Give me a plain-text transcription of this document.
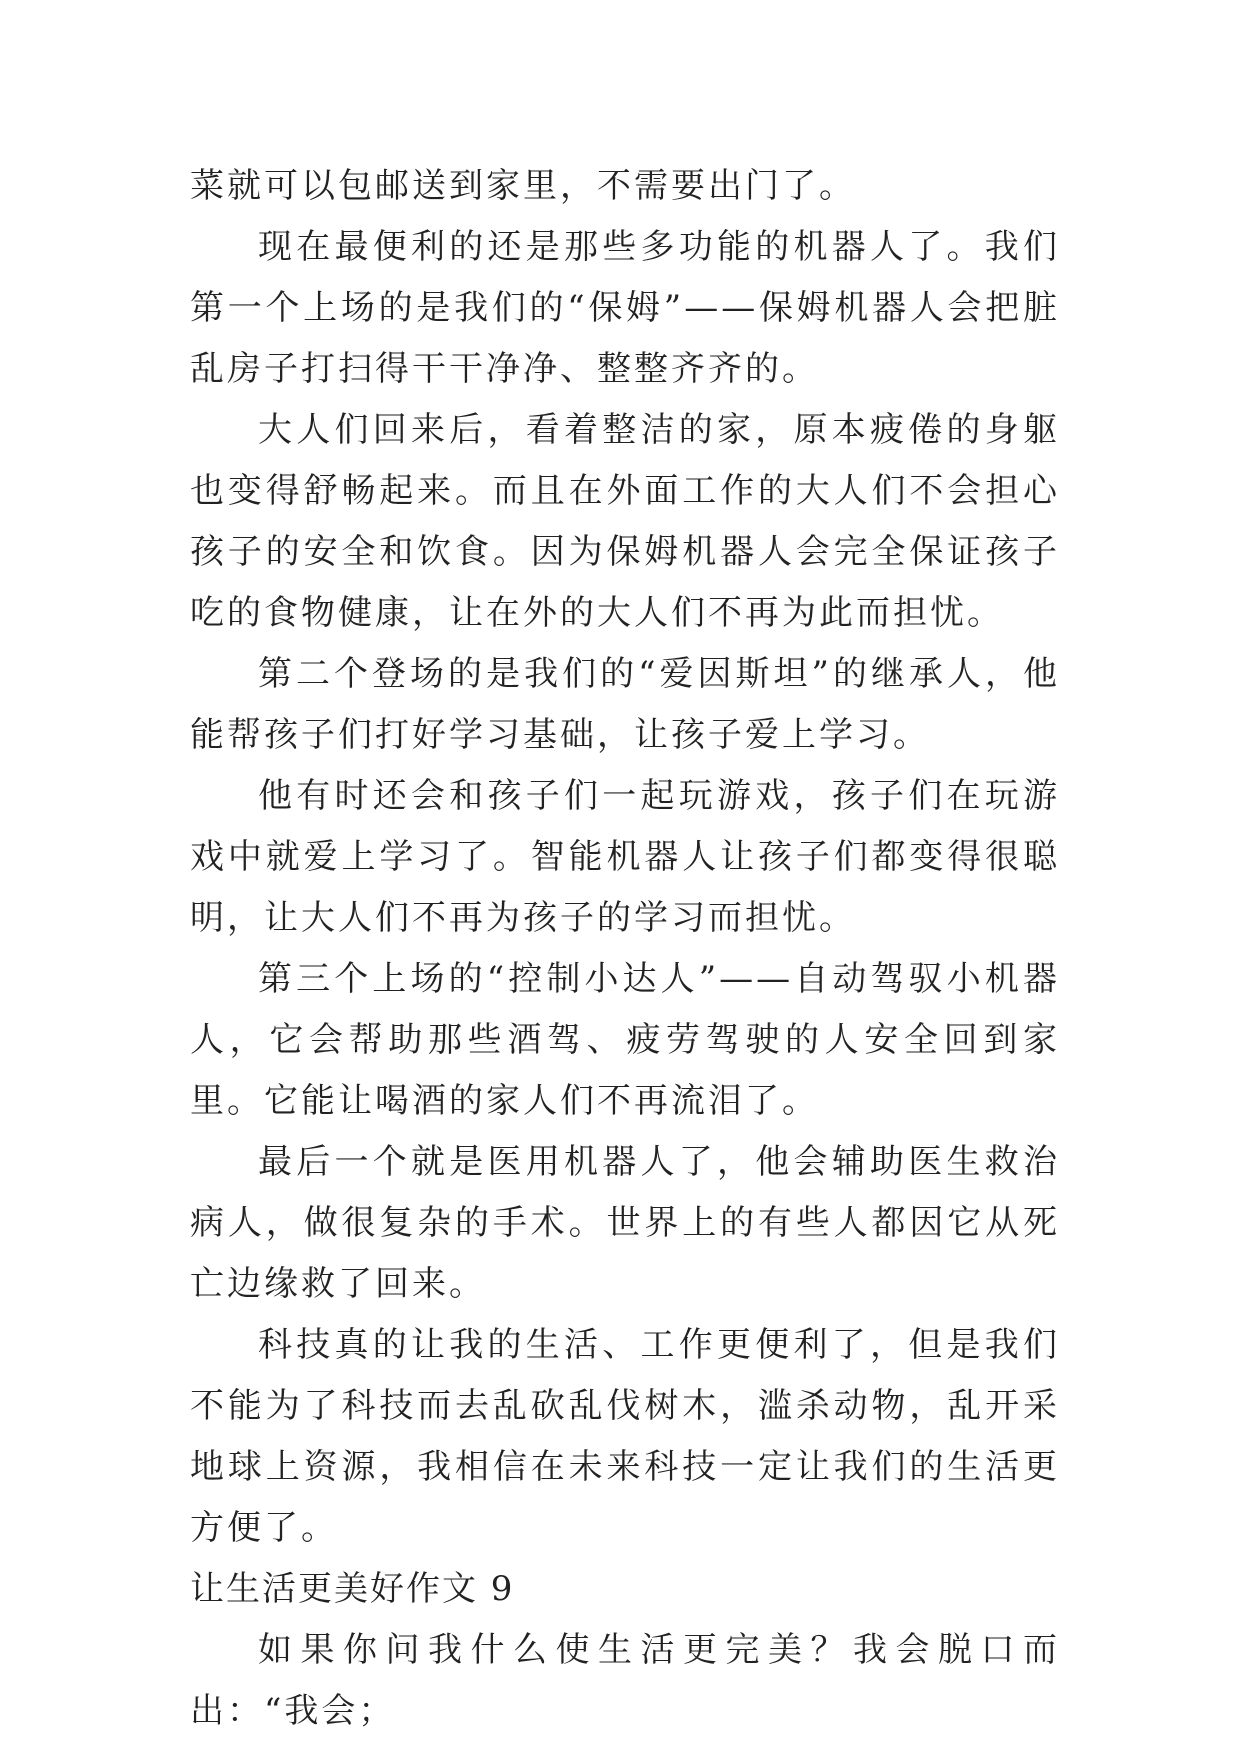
菜就可以包邮送到家里，不需要出门了。

现在最便利的还是那些多功能的机器人了。我们第一个上场的是我们的“保姆”——保姆机器人会把脏乱房子打扫得干干净净、整整齐齐的。

大人们回来后，看着整洁的家，原本疲倦的身躯也变得舒畅起来。而且在外面工作的大人们不会担心孩子的安全和饮食。因为保姆机器人会完全保证孩子吃的食物健康，让在外的大人们不再为此而担忧。

第二个登场的是我们的“爱因斯坦”的继承人，他能帮孩子们打好学习基础，让孩子爱上学习。

他有时还会和孩子们一起玩游戏，孩子们在玩游戏中就爱上学习了。智能机器人让孩子们都变得很聪明，让大人们不再为孩子的学习而担忧。

第三个上场的“控制小达人”——自动驾驭小机器人，它会帮助那些酒驾、疲劳驾驶的人安全回到家里。它能让喝酒的家人们不再流泪了。

最后一个就是医用机器人了，他会辅助医生救治病人，做很复杂的手术。世界上的有些人都因它从死亡边缘救了回来。

科技真的让我的生活、工作更便利了，但是我们不能为了科技而去乱砍乱伐树木，滥杀动物，乱开采地球上资源，我相信在未来科技一定让我们的生活更方便了。

让生活更美好作文 9

如果你问我什么使生活更完美？我会脱口而出：“我会；
